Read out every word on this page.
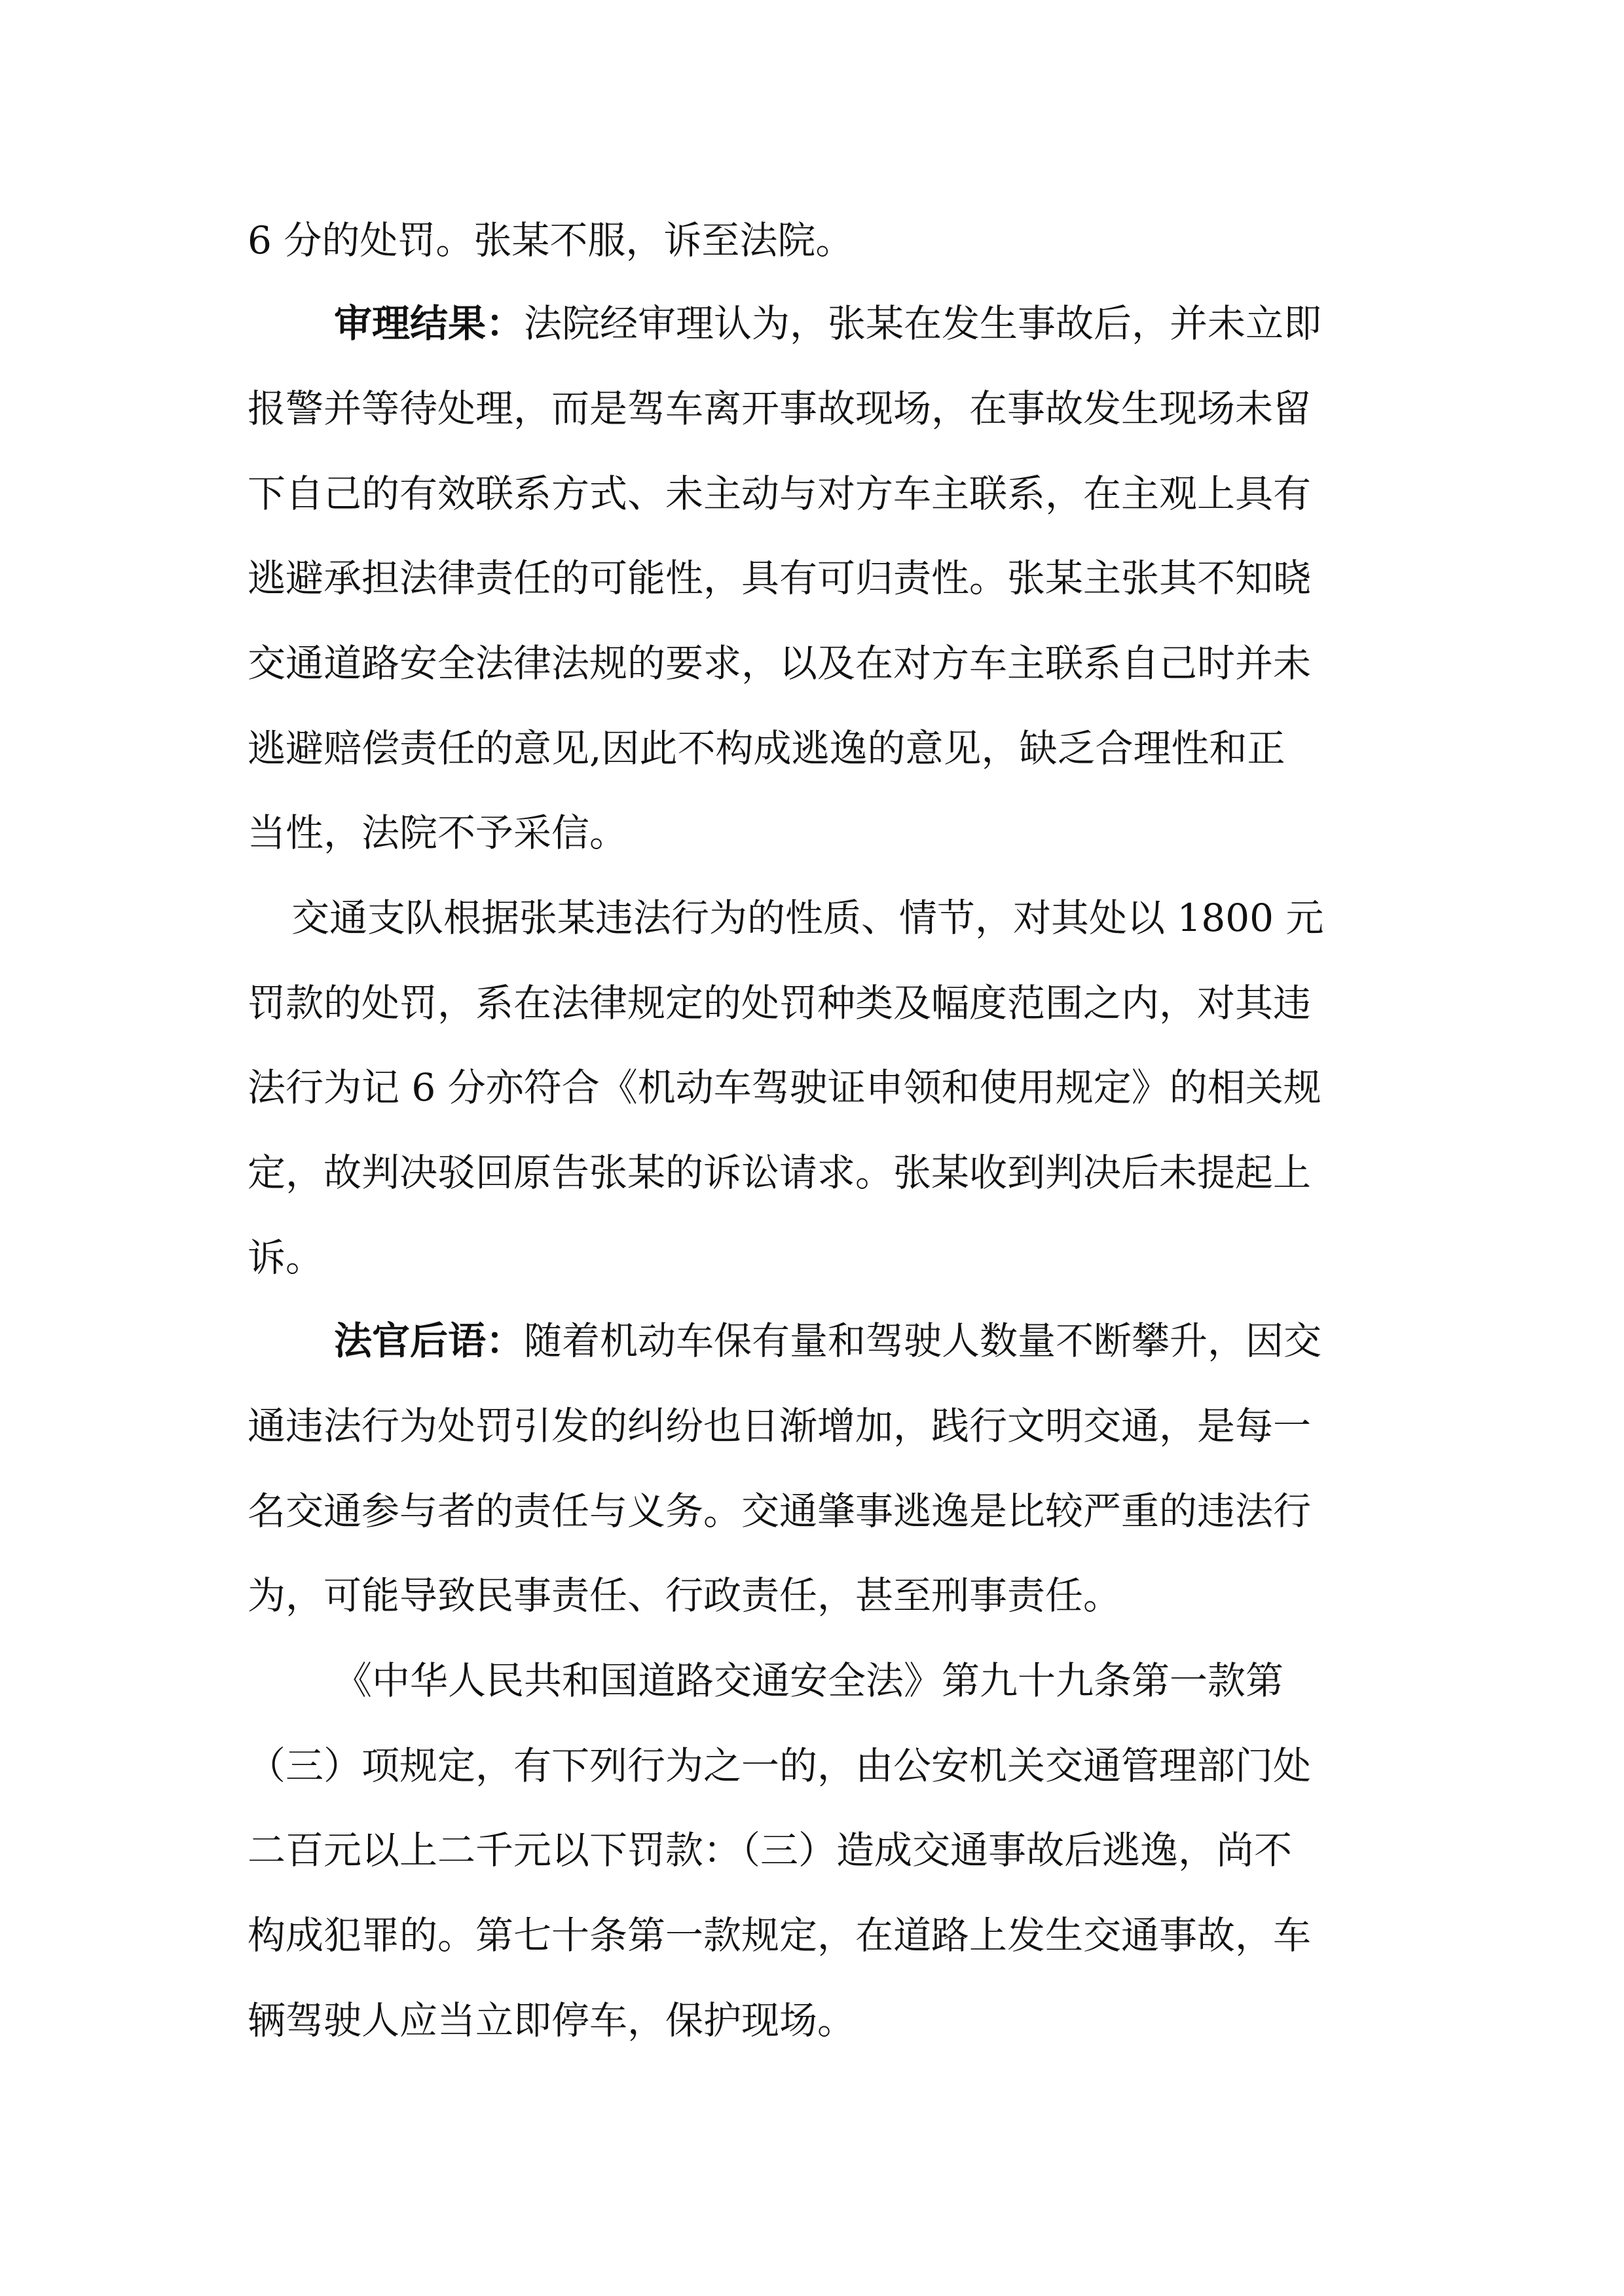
6 分的处罚。张某不服，诉至法院。
审理结果：法院经审理认为，张某在发生事故后，并未立即
报警并等待处理，而是驾车离开事故现场，在事故发生现场未留
下自己的有效联系方式、未主动与对方车主联系，在主观上具有
逃避承担法律责任的可能性，具有可归责性。张某主张其不知晓
交通道路安全法律法规的要求，以及在对方车主联系自己时并未
逃避赔偿责任的意见,因此不构成逃逸的意见，缺乏合理性和正
当性，法院不予采信。
交通支队根据张某违法行为的性质、情节，对其处以 1800 元
罚款的处罚，系在法律规定的处罚种类及幅度范围之内，对其违
法行为记 6 分亦符合《机动车驾驶证申领和使用规定》的相关规
定，故判决驳回原告张某的诉讼请求。张某收到判决后未提起上
诉。
法官后语：随着机动车保有量和驾驶人数量不断攀升，因交
通违法行为处罚引发的纠纷也日渐增加，践行文明交通，是每一
名交通参与者的责任与义务。交通肇事逃逸是比较严重的违法行
为，可能导致民事责任、行政责任，甚至刑事责任。
《中华人民共和国道路交通安全法》第九十九条第一款第
（三）项规定，有下列行为之一的，由公安机关交通管理部门处
二百元以上二千元以下罚款：（三）造成交通事故后逃逸，尚不
构成犯罪的。第七十条第一款规定，在道路上发生交通事故，车
辆驾驶人应当立即停车，保护现场。
